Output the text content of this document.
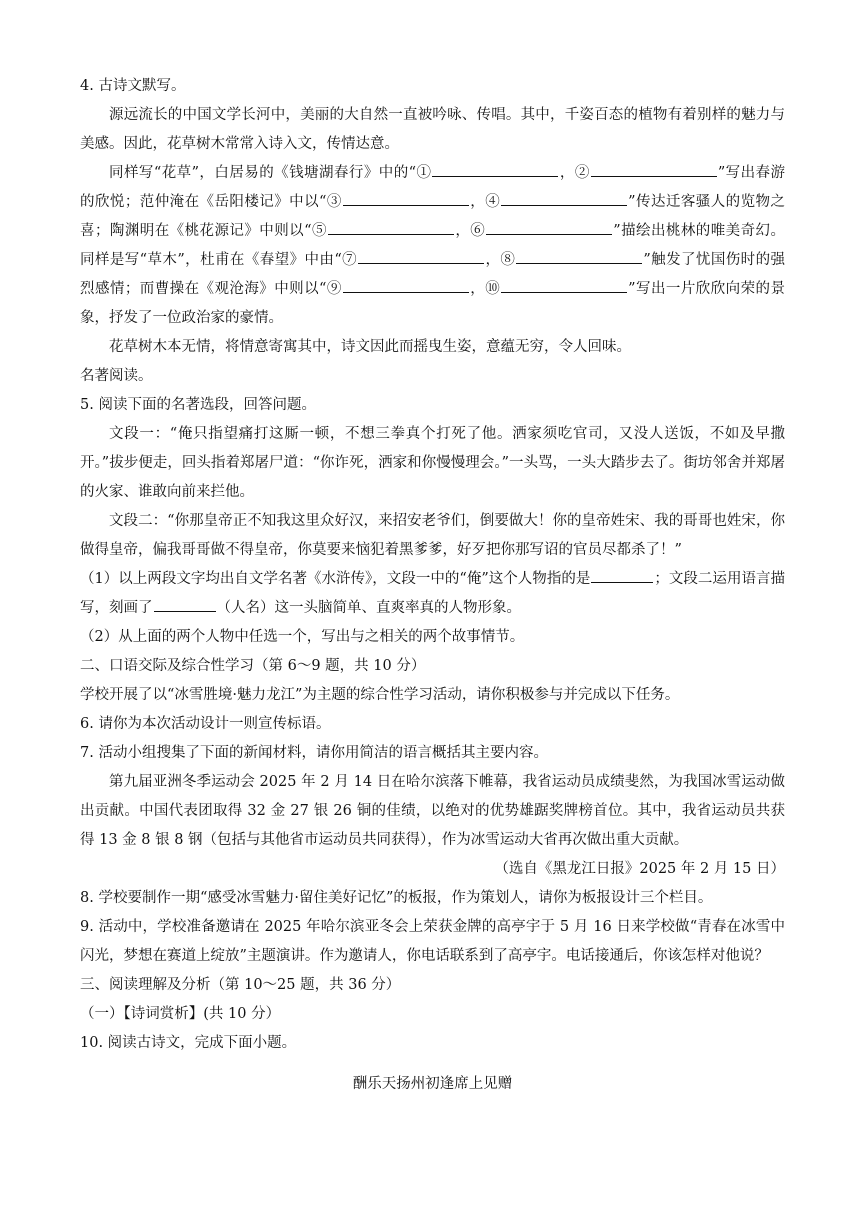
4. 古诗文默写。

源远流长的中国文学长河中，美丽的大自然一直被吟咏、传唱。其中，千姿百态的植物有着别样的魅力与美感。因此，花草树木常常入诗入文，传情达意。

同样写“花草”，白居易的《钱塘湖春行》中的“①	，②	”写出春游的欣悦；范仲淹在《岳阳楼记》中以“③	，④	”传达迁客骚人的览物之喜；陶渊明在《桃花源记》中则以“⑤	，⑥	”描绘出桃林的唯美奇幻。同样是写“草木”，杜甫在《春望》中由“⑦	，⑧	”触发了忧国伤时的强烈感情；而曹操在《观沧海》中则以“⑨	，⑩	”写出一片欣欣向荣的景象，抒发了一位政治家的豪情。

花草树木本无情，将情意寄寓其中，诗文因此而摇曳生姿，意蕴无穷，令人回味。

名著阅读。

5. 阅读下面的名著选段，回答问题。

文段一：“俺只指望痛打这厮一顿，不想三拳真个打死了他。洒家须吃官司，又没人送饭，不如及早撒开。”拔步便走，回头指着郑屠尸道：“你诈死，洒家和你慢慢理会。”一头骂，一头大踏步去了。街坊邻舍并郑屠的火家、谁敢向前来拦他。

文段二：“你那皇帝正不知我这里众好汉，来招安老爷们，倒要做大！你的皇帝姓宋、我的哥哥也姓宋，你做得皇帝，偏我哥哥做不得皇帝，你莫要来恼犯着黑爹爹，好歹把你那写诏的官员尽都杀了！”

（1）以上两段文字均出自文学名著《水浒传》，文段一中的“俺”这个人物指的是	；文段二运用语言描写，刻画了	（人名）这一头脑简单、直爽率真的人物形象。

（2）从上面的两个人物中任选一个，写出与之相关的两个故事情节。

二、口语交际及综合性学习（第 6～9 题，共 10 分）

学校开展了以“冰雪胜境·魅力龙江”为主题的综合性学习活动，请你积极参与并完成以下任务。

6. 请你为本次活动设计一则宣传标语。

7. 活动小组搜集了下面的新闻材料，请你用简洁的语言概括其主要内容。

第九届亚洲冬季运动会 2025 年 2 月 14 日在哈尔滨落下帷幕，我省运动员成绩斐然，为我国冰雪运动做出贡献。中国代表团取得 32 金 27 银 26 铜的佳绩，以绝对的优势雄踞奖牌榜首位。其中，我省运动员共获得 13 金 8 银 8 钢（包括与其他省市运动员共同获得），作为冰雪运动大省再次做出重大贡献。

（选自《黑龙江日报》2025 年 2 月 15 日）

8. 学校要制作一期“感受冰雪魅力·留住美好记忆”的板报，作为策划人，请你为板报设计三个栏目。

9. 活动中，学校准备邀请在 2025 年哈尔滨亚冬会上荣获金牌的高亭宇于 5 月 16 日来学校做“青春在冰雪中闪光，梦想在赛道上绽放”主题演讲。作为邀请人，你电话联系到了高亭宇。电话接通后，你该怎样对他说？

三、阅读理解及分析（第 10～25 题，共 36 分）

（一）【诗词赏析】(共 10 分）

10. 阅读古诗文，完成下面小题。

酬乐天扬州初逢席上见赠
